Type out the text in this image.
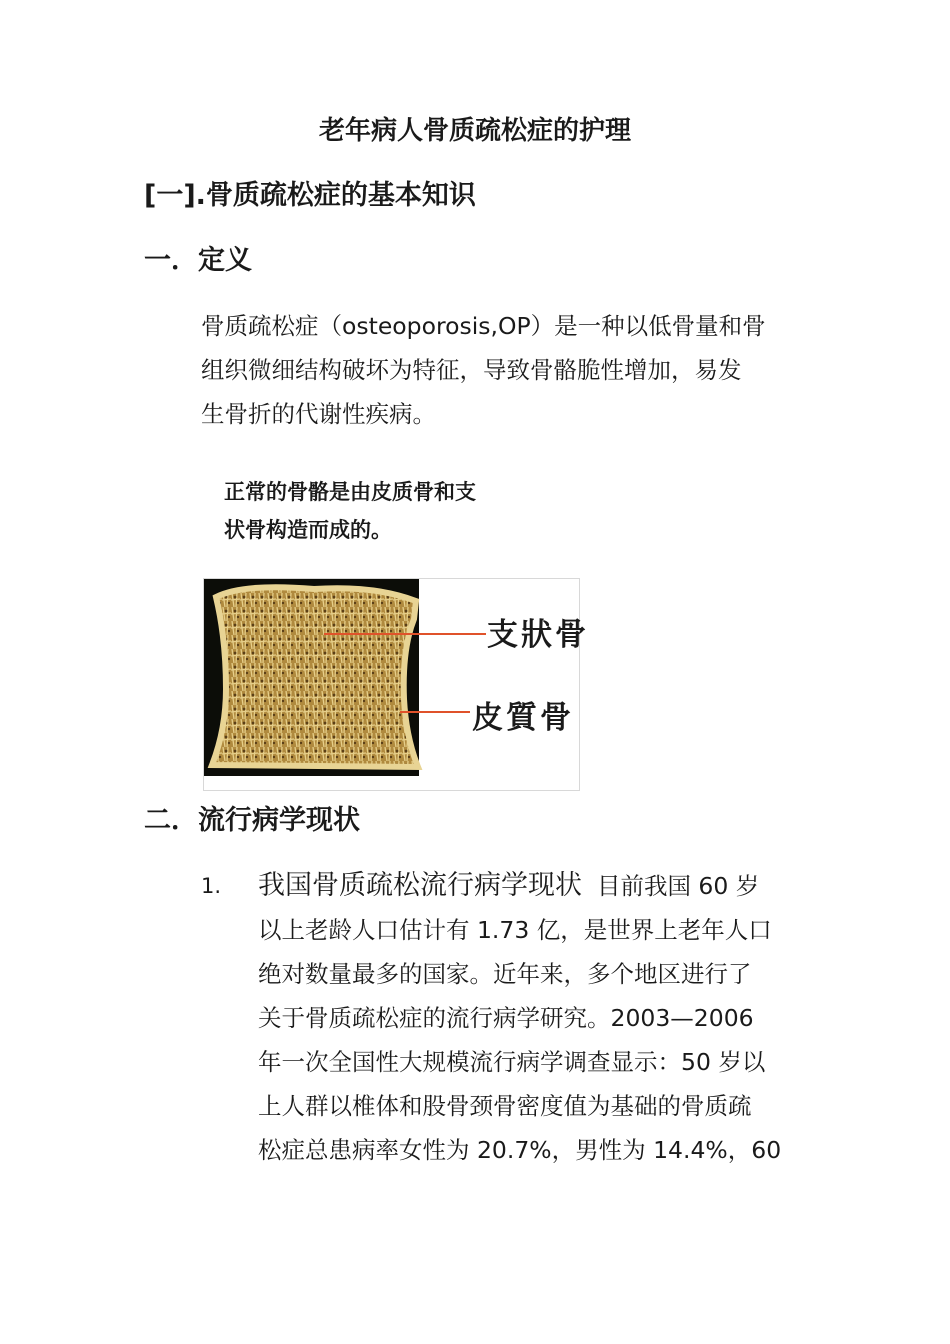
老年病人骨质疏松症的护理
[一].骨质疏松症的基本知识
一．定义
骨质疏松症（osteoporosis,OP）是一种以低骨量和骨
组织微细结构破坏为特征，导致骨骼脆性增加，易发
生骨折的代谢性疾病。
正常的骨骼是由皮质骨和支
状骨构造而成的。
支狀骨
皮質骨
二．流行病学现状
1. 我国骨质疏松流行病学现状 目前我国 60 岁
以上老龄人口估计有 1.73 亿，是世界上老年人口
绝对数量最多的国家。近年来，多个地区进行了
关于骨质疏松症的流行病学研究。2003—2006
年一次全国性大规模流行病学调查显示：50 岁以
上人群以椎体和股骨颈骨密度值为基础的骨质疏
松症总患病率女性为 20.7%，男性为 14.4%，60
